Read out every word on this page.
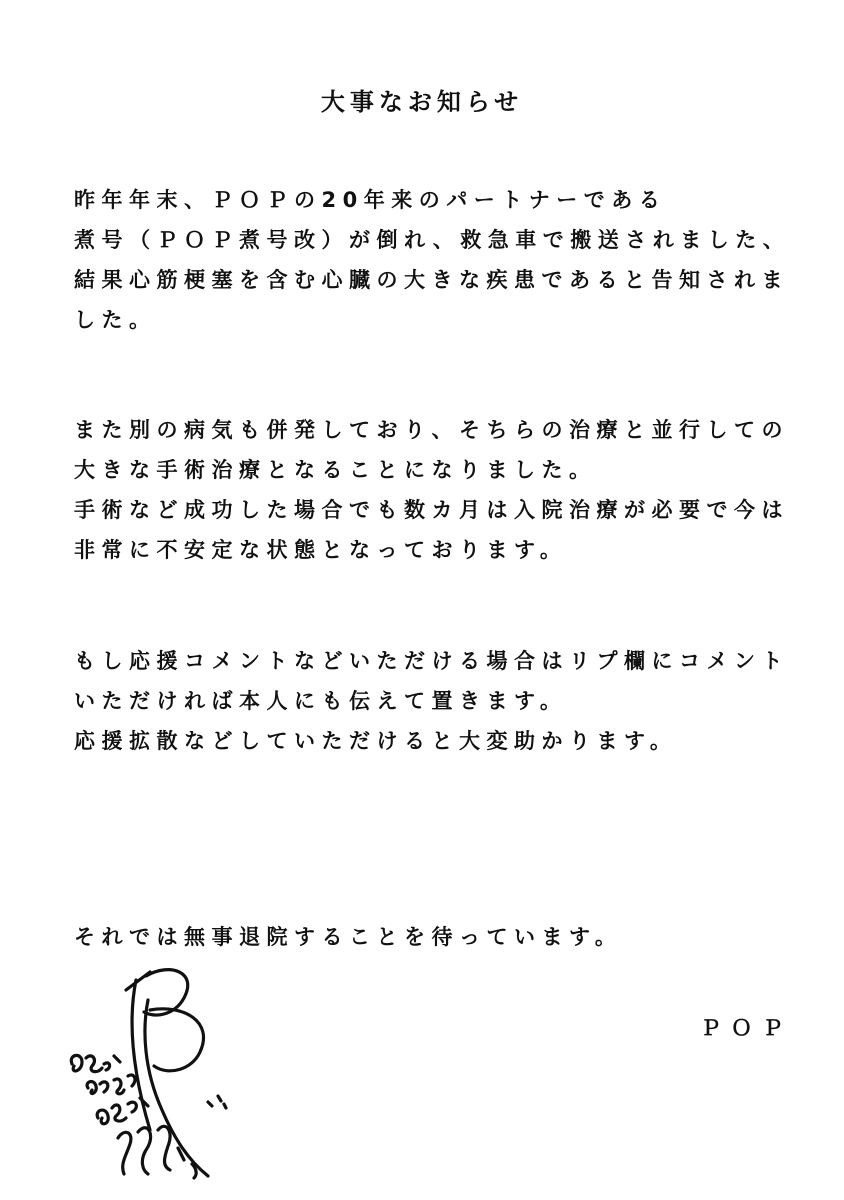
大事なお知らせ
昨年年末、ＰＯＰの20年来のパートナーである
煮号（ＰＯＰ煮号改）が倒れ、救急車で搬送されました、
結果心筋梗塞を含む心臓の大きな疾患であると告知されま
した。
また別の病気も併発しており、そちらの治療と並行しての
大きな手術治療となることになりました。
手術など成功した場合でも数カ月は入院治療が必要で今は
非常に不安定な状態となっております。
もし応援コメントなどいただける場合はリプ欄にコメント
いただければ本人にも伝えて置きます。
応援拡散などしていただけると大変助かります。
それでは無事退院することを待っています。
ＰＯＰ
